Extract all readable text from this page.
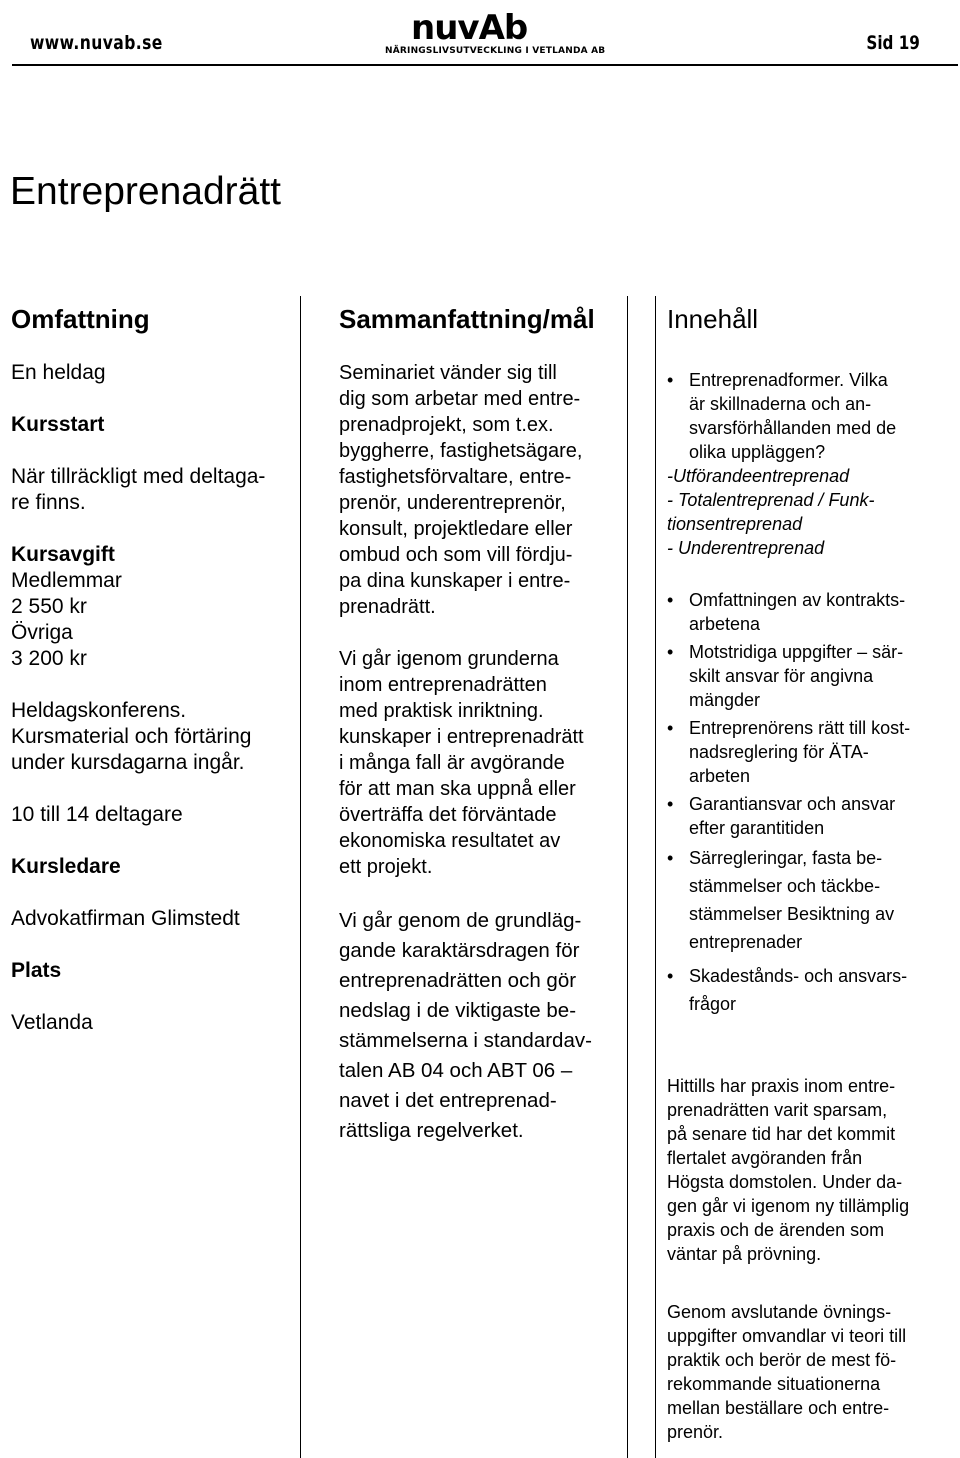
www.nuvab.se	nuvAb
NÄRINGSLIVSUTVECKLING I VETLANDA AB	Sid 19
Entreprenadrätt
Omfattning

En heldag

Kursstart

När tillräckligt med deltaga-

re finns.

Kursavgift

Medlemmar

2 550 kr

Övriga

3 200 kr

Heldagskonferens.

Kursmaterial och förtäring

under kursdagarna ingår.

10 till 14 deltagare

Kursledare

Advokatfirman Glimstedt

Plats

Vetlanda

Sammanfattning/mål

Seminariet vänder sig till

dig som arbetar med entre-

prenadprojekt, som t.ex.

byggherre, fastighetsägare,

fastighetsförvaltare, entre-

prenör, underentreprenör,

konsult, projektledare eller

ombud och som vill fördju-

pa dina kunskaper i entre-

prenadrätt.

Vi går igenom grunderna

inom entreprenadrätten

med praktisk inriktning.

kunskaper i entreprenadrätt

i många fall är avgörande

för att man ska uppnå eller

överträffa det förväntade

ekonomiska resultatet av

ett projekt.

Vi går genom de grundläg-

gande karaktärsdragen för

entreprenadrätten och gör

nedslag i de viktigaste be-

stämmelserna i standardav-

talen AB 04 och ABT 06 –

navet i det entreprenad-

rättsliga regelverket.

Innehåll

• Entreprenadformer. Vilka

är skillnaderna och an-

svarsförhållanden med de

olika uppläggen?

-Utförandeentreprenad

- Totalentreprenad / Funk-

tionsentreprenad

- Underentreprenad

• Omfattningen av kontrakts-

arbetena

• Motstridiga uppgifter – sär-

skilt ansvar för angivna

mängder

• Entreprenörens rätt till kost-

nadsreglering för ÄTA-

arbeten

• Garantiansvar och ansvar

efter garantitiden

• Särregleringar, fasta be-

stämmelser och täckbe-

stämmelser Besiktning av

entreprenader

• Skadestånds- och ansvars-

frågor

Hittills har praxis inom entre-

prenadrätten varit sparsam,

på senare tid har det kommit

flertalet avgöranden från

Högsta domstolen. Under da-

gen går vi igenom ny tillämplig

praxis och de ärenden som

väntar på prövning.

Genom avslutande övnings-

uppgifter omvandlar vi teori till

praktik och berör de mest fö-

rekommande situationerna

mellan beställare och entre-

prenör.
